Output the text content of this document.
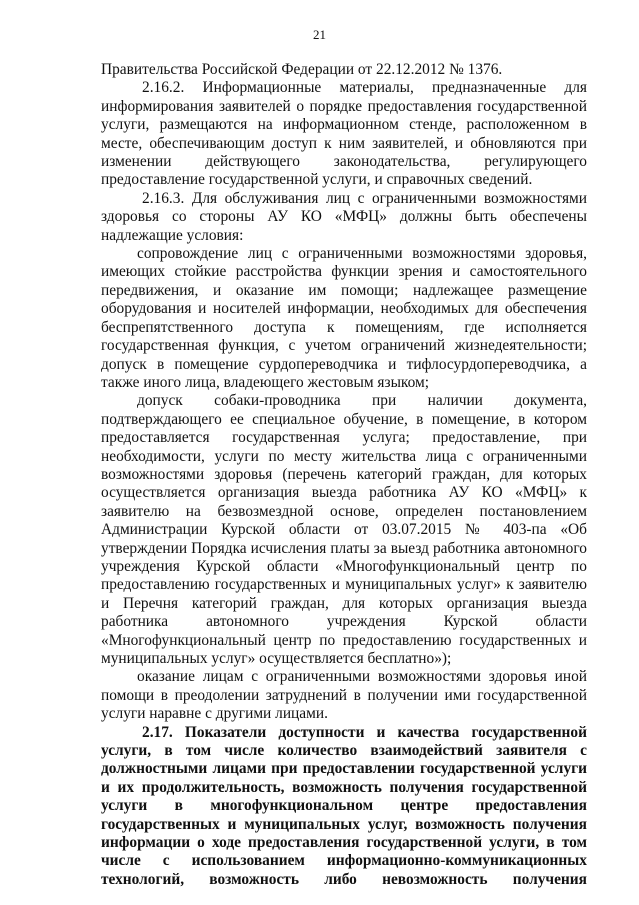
21

Правительства Российской Федерации от 22.12.2012 № 1376.

2.16.2. Информационные материалы, предназначенные для информирования заявителей о порядке предоставления государственной услуги, размещаются на информационном стенде, расположенном в месте, обеспечивающим доступ к ним заявителей, и обновляются при изменении действующего законодательства, регулирующего предоставление государственной услуги, и справочных сведений.

2.16.3. Для обслуживания лиц с ограниченными возможностями здоровья со стороны АУ КО «МФЦ» должны быть обеспечены надлежащие условия:

сопровождение лиц с ограниченными возможностями здоровья, имеющих стойкие расстройства функции зрения и самостоятельного передвижения, и оказание им помощи; надлежащее размещение оборудования и носителей информации, необходимых для обеспечения беспрепятственного доступа к помещениям, где исполняется государственная функция, с учетом ограничений жизнедеятельности; допуск в помещение сурдопереводчика и тифлосурдопереводчика, а также иного лица, владеющего жестовым языком;

допуск собаки-проводника при наличии документа, подтверждающего ее специальное обучение, в помещение, в котором предоставляется государственная услуга; предоставление, при необходимости, услуги по месту жительства лица с ограниченными возможностями здоровья (перечень категорий граждан, для которых осуществляется организация выезда работника АУ КО «МФЦ» к заявителю на безвозмездной основе, определен постановлением Администрации Курской области от 03.07.2015 № 403-па «Об утверждении Порядка исчисления платы за выезд работника автономного учреждения Курской области «Многофункциональный центр по предоставлению государственных и муниципальных услуг» к заявителю и Перечня категорий граждан, для которых организация выезда работника автономного учреждения Курской области «Многофункциональный центр по предоставлению государственных и муниципальных услуг» осуществляется бесплатно»);

оказание лицам с ограниченными возможностями здоровья иной помощи в преодолении затруднений в получении ими государственной услуги наравне с другими лицами.

2.17. Показатели доступности и качества государственной услуги, в том числе количество взаимодействий заявителя с должностными лицами при предоставлении государственной услуги и их продолжительность, возможность получения государственной услуги в многофункциональном центре предоставления государственных и муниципальных услуг, возможность получения информации о ходе предоставления государственной услуги, в том числе с использованием информационно-коммуникационных технологий, возможность либо невозможность получения
